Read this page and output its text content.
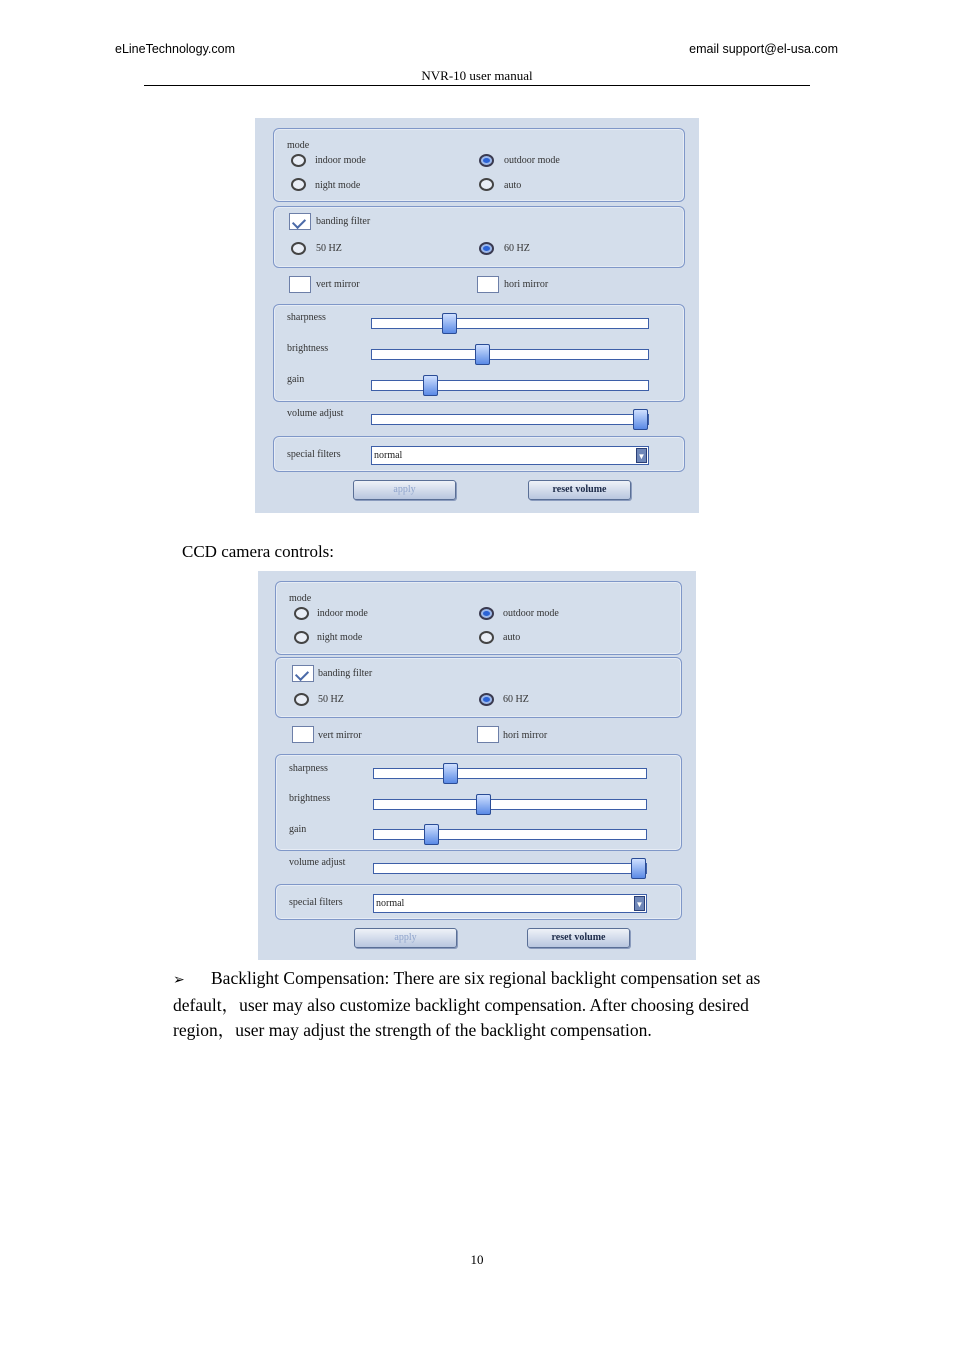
eLineTechnology.com	email support@el-usa.com
NVR-10 user manual
mode
indoor mode	outdoor mode
night mode	auto
banding filter
50 HZ	60 HZ
vert mirror	hori mirror
sharpness
brightness
gain
volume adjust
special filters	normal	▼
apply	reset volume
CCD camera controls:
mode
indoor mode	outdoor mode
night mode	auto
banding filter
50 HZ	60 HZ
vert mirror	hori mirror
sharpness
brightness
gain
volume adjust
special filters	normal	▼
apply	reset volume
➢ Backlight Compensation: There are six regional backlight compensation set as default，user may also customize backlight compensation. After choosing desired region，user may adjust the strength of the backlight compensation.
10
